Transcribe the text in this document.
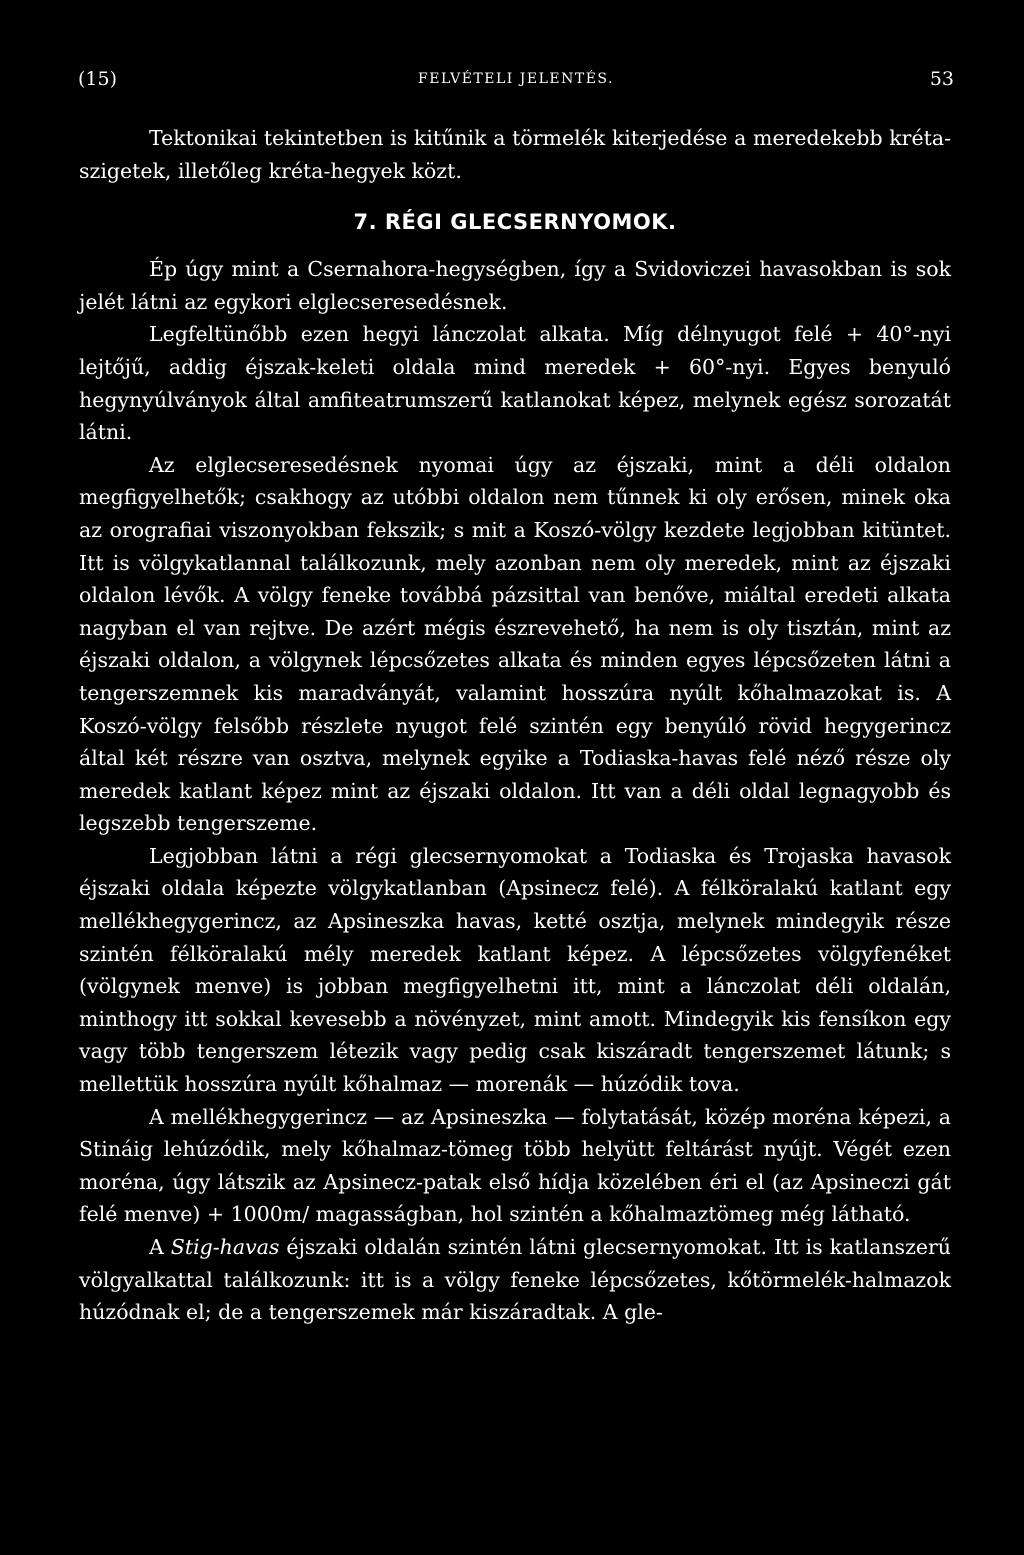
(15)	FELVÉTELI JELENTÉS.	53

Tektonikai tekintetben is kitűnik a törmelék kiterjedése a meredekebb kréta-szigetek, illetőleg kréta-hegyek közt.

7. RÉGI GLECSERNYOMOK.

Ép úgy mint a Csernahora-hegységben, így a Svidoviczei havasokban is sok jelét látni az egykori elglecseresedésnek.

Legfeltünőbb ezen hegyi lánczolat alkata. Míg délnyugot felé + 40°-nyi lejtőjű, addig éjszak-keleti oldala mind meredek + 60°-nyi. Egyes benyuló hegynyúlványok által amfiteatrumszerű katlanokat képez, melynek egész sorozatát látni.

Az elglecseresedésnek nyomai úgy az éjszaki, mint a déli oldalon megfigyelhetők; csakhogy az utóbbi oldalon nem tűnnek ki oly erősen, minek oka az orografiai viszonyokban fekszik; s mit a Koszó-völgy kezdete legjobban kitüntet. Itt is völgykatlannal találkozunk, mely azonban nem oly meredek, mint az éjszaki oldalon lévők. A völgy feneke továbbá pázsittal van benőve, miáltal eredeti alkata nagyban el van rejtve. De azért mégis észrevehető, ha nem is oly tisztán, mint az éjszaki oldalon, a völgynek lépcsőzetes alkata és minden egyes lépcsőzeten látni a tengerszemnek kis maradványát, valamint hosszúra nyúlt kőhalmazokat is. A Koszó-völgy felsőbb részlete nyugot felé szintén egy benyúló rövid hegygerincz által két részre van osztva, melynek egyike a Todiaska-havas felé néző része oly meredek katlant képez mint az éjszaki oldalon. Itt van a déli oldal legnagyobb és legszebb tengerszeme.

Legjobban látni a régi glecsernyomokat a Todiaska és Trojaska havasok éjszaki oldala képezte völgykatlanban (Apsinecz felé). A félköralakú katlant egy mellékhegygerincz, az Apsineszka havas, ketté osztja, melynek mindegyik része szintén félköralakú mély meredek katlant képez. A lépcsőzetes völgyfenéket (völgynek menve) is jobban megfigyelhetni itt, mint a lánczolat déli oldalán, minthogy itt sokkal kevesebb a növényzet, mint amott. Mindegyik kis fensíkon egy vagy több tengerszem létezik vagy pedig csak kiszáradt tengerszemet látunk; s mellettük hosszúra nyúlt kőhalmaz — morenák — húzódik tova.

A mellékhegygerincz — az Apsineszka — folytatását, közép moréna képezi, a Stináig lehúzódik, mely kőhalmaz-tömeg több helyütt feltárást nyújt. Végét ezen moréna, úgy látszik az Apsinecz-patak első hídja közelében éri el (az Apsineczi gát felé menve) + 1000m/ magasságban, hol szintén a kőhalmaztömeg még látható.

A Stig-havas éjszaki oldalán szintén látni glecsernyomokat. Itt is katlanszerű völgyalkattal találkozunk: itt is a völgy feneke lépcsőzetes, kőtörmelék-halmazok húzódnak el; de a tengerszemek már kiszáradtak. A gle-
